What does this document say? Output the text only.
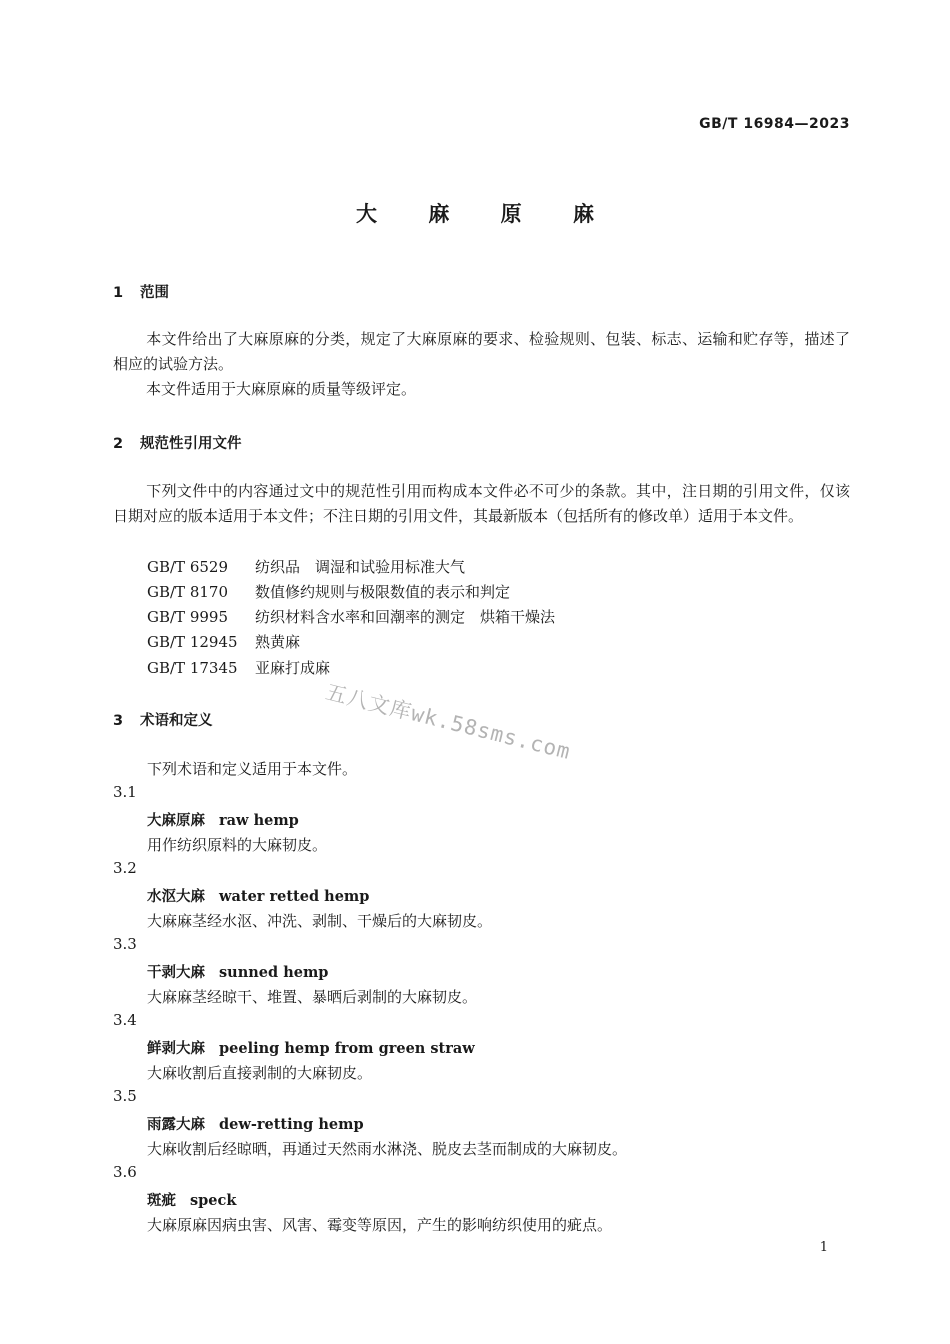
GB/T 16984—2023
大 麻 原 麻
1 范围
本文件给出了大麻原麻的分类，规定了大麻原麻的要求、检验规则、包装、标志、运输和贮存等，描述了相应的试验方法。
本文件适用于大麻原麻的质量等级评定。
2 规范性引用文件
下列文件中的内容通过文中的规范性引用而构成本文件必不可少的条款。其中，注日期的引用文件，仅该日期对应的版本适用于本文件；不注日期的引用文件，其最新版本（包括所有的修改单）适用于本文件。
GB/T 6529 纺织品　调湿和试验用标准大气
GB/T 8170 数值修约规则与极限数值的表示和判定
GB/T 9995 纺织材料含水率和回潮率的测定　烘箱干燥法
GB/T 12945 熟黄麻
GB/T 17345 亚麻打成麻
3 术语和定义
下列术语和定义适用于本文件。
3.1
大麻原麻 raw hemp
用作纺织原料的大麻韧皮。
3.2
水沤大麻 water retted hemp
大麻麻茎经水沤、冲洗、剥制、干燥后的大麻韧皮。
3.3
干剥大麻 sunned hemp
大麻麻茎经晾干、堆置、暴晒后剥制的大麻韧皮。
3.4
鲜剥大麻 peeling hemp from green straw
大麻收割后直接剥制的大麻韧皮。
3.5
雨露大麻 dew-retting hemp
大麻收割后经晾晒，再通过天然雨水淋浇、脱皮去茎而制成的大麻韧皮。
3.6
斑疵 speck
大麻原麻因病虫害、风害、霉变等原因，产生的影响纺织使用的疵点。
五八文库wk.58sms.com
1
